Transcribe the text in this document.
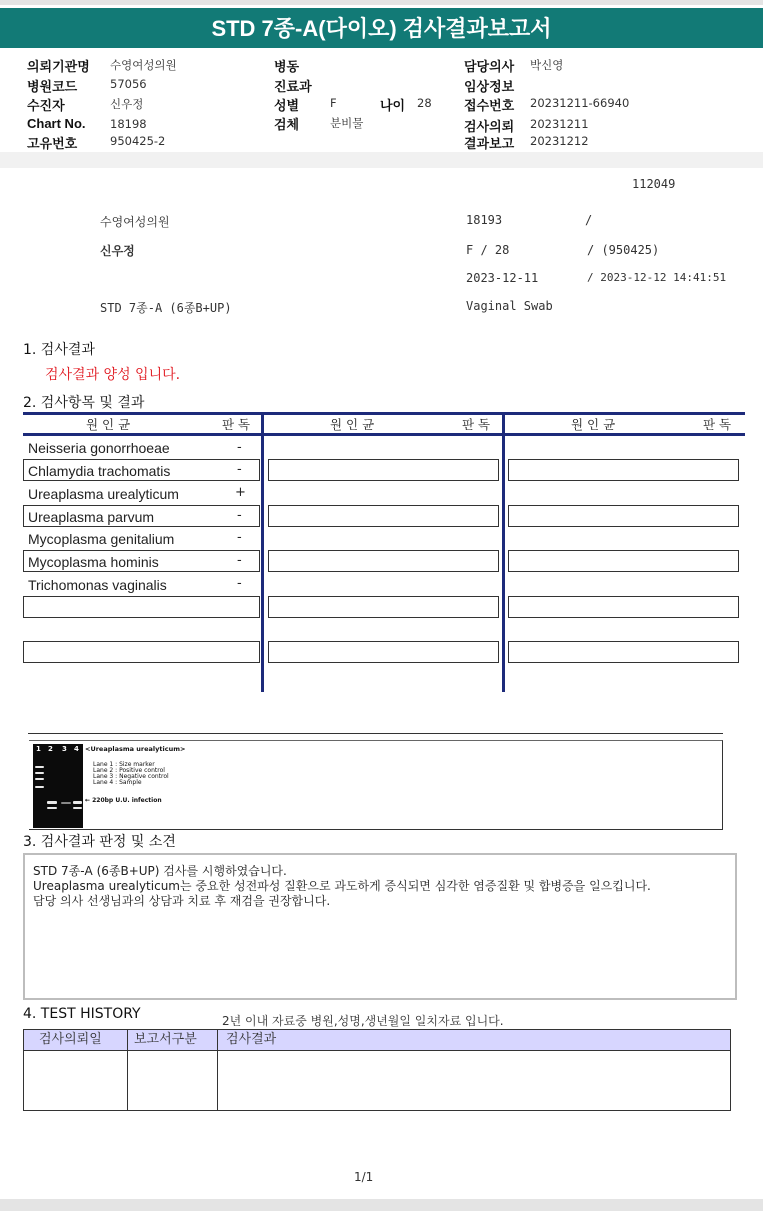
STD 7종-A(다이오) 검사결과보고서
의뢰기관명 수영여성의원
병원코드	57056
수진자	신우정
Chart No. 18198
고유번호	950425-2
병동
진료과
성별	F	나이 28
검체	분비물
담당의사 박신영
임상정보
접수번호 20231211-66940
검사의뢰 20231211
결과보고 20231212
112049
수영여성의원	18193	/
신우정	F / 28	/ (950425)
2023-12-11	/ 2023-12-12 14:41:51
STD 7종-A (6종B+UP)	Vaginal Swab
1. 검사결과
검사결과 양성 입니다.
2. 검사항목 및 결과
원 인 균	판 독	원 인 균	판 독	원 인 균	판 독
Neisseria gonorrhoeae	-
Chlamydia trachomatis	-
Ureaplasma urealyticum	+
Ureaplasma parvum	-
Mycoplasma genitalium	-
Mycoplasma hominis	-
Trichomonas vaginalis	-
1 2 3 4 <Ureaplasma urealyticum>
Lane 1 : Size marker
Lane 2 : Positive control
Lane 3 : Negative control
Lane 4 : Sample
← 220bp U.U. infection
3. 검사결과 판정 및 소견
STD 7종-A (6종B+UP) 검사를 시행하였습니다.
Ureaplasma urealyticum는 중요한 성전파성 질환으로 과도하게 증식되면 심각한 염증질환 및 합병증을 일으킵니다.
담당 의사 선생님과의 상담과 치료 후 재검을 권장합니다.
4. TEST HISTORY	2년 이내 자료중 병원,성명,생년월일 일치자료 입니다.
검사의뢰일 보고서구분 검사결과
1/1
